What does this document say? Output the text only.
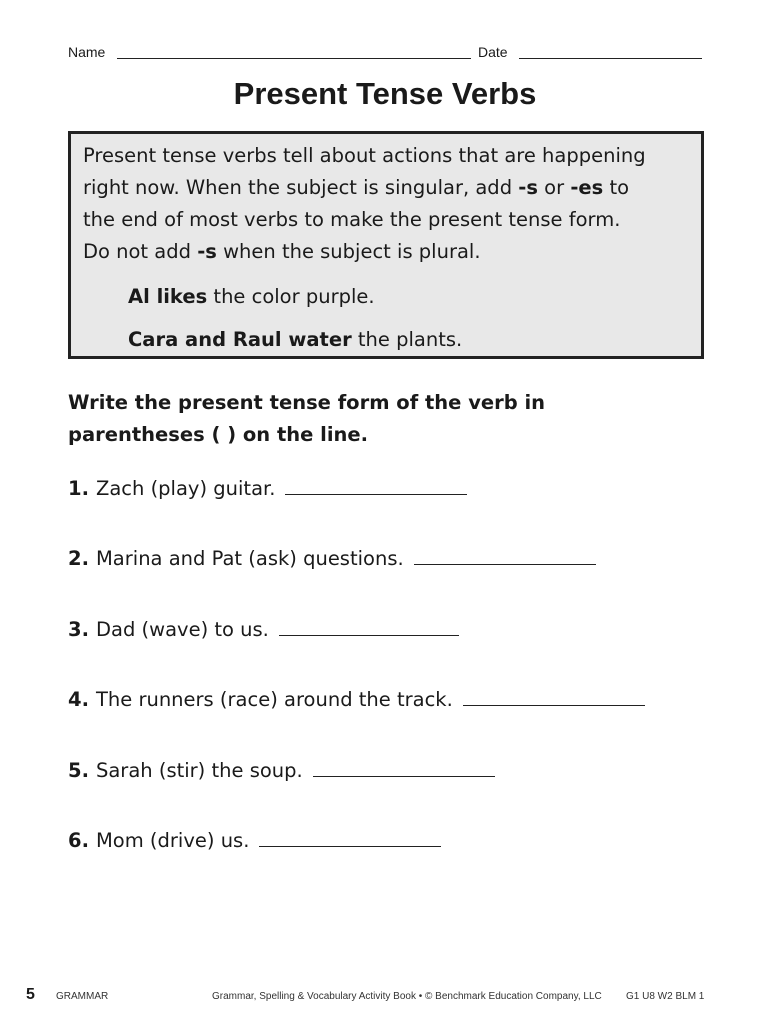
Name	Date
Present Tense Verbs
Present tense verbs tell about actions that are happening
right now. When the subject is singular, add -s or -es to
the end of most verbs to make the present tense form.
Do not add -s when the subject is plural.
Al likes the color purple.
Cara and Raul water the plants.
Write the present tense form of the verb in
parentheses ( ) on the line.
1. Zach (play) guitar.
2. Marina and Pat (ask) questions.
3. Dad (wave) to us.
4. The runners (race) around the track.
5. Sarah (stir) the soup.
6. Mom (drive) us.
5 GRAMMAR	Grammar, Spelling & Vocabulary Activity Book • © Benchmark Education Company, LLC G1 U8 W2 BLM 1
